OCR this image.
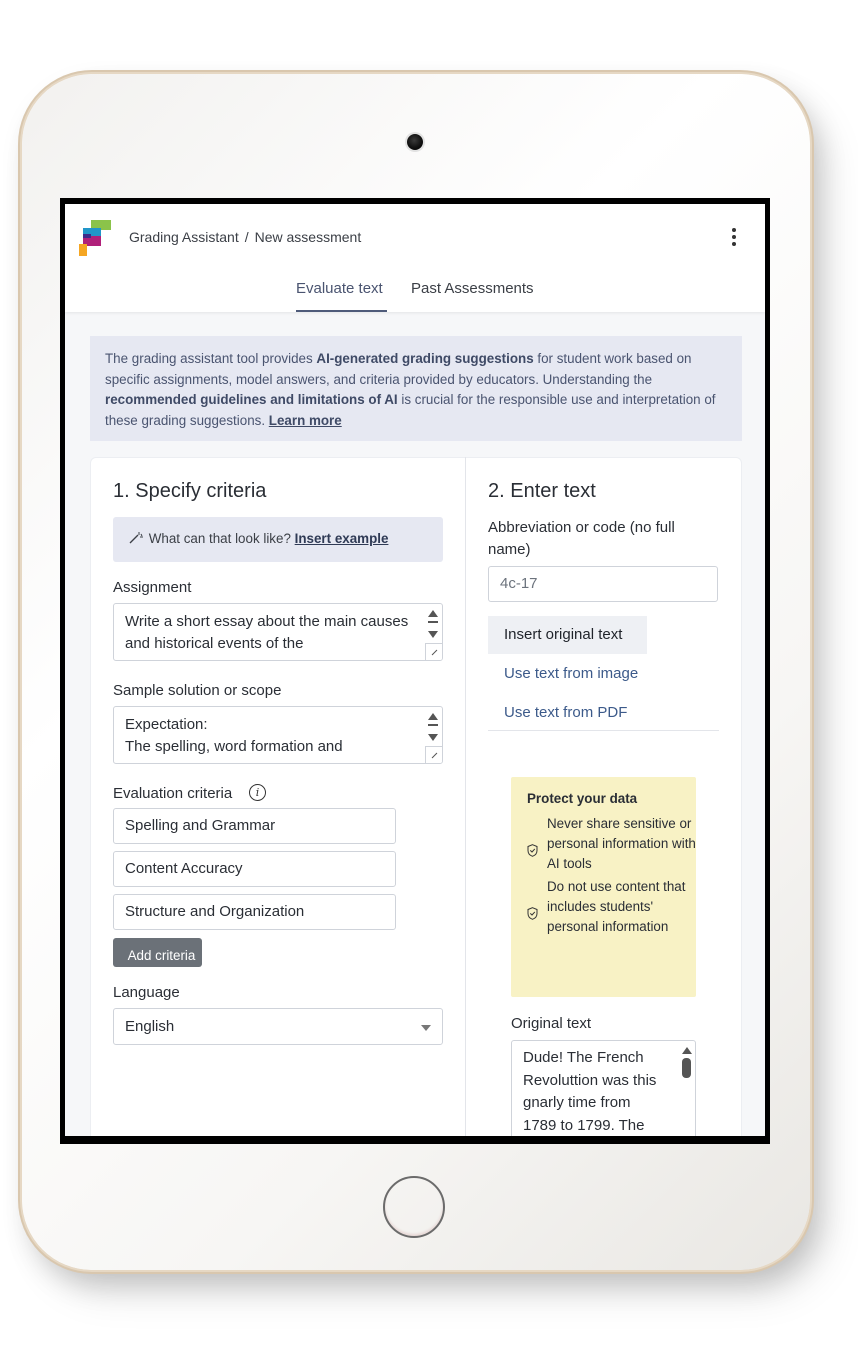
Grading Assistant / New assessment
Evaluate text Past Assessments
The grading assistant tool provides AI-generated grading suggestions for student work based on specific assignments, model answers, and criteria provided by educators. Understanding the recommended guidelines and limitations of AI is crucial for the responsible use and interpretation of these grading suggestions. Learn more
1. Specify criteria
What can that look like? Insert example
Assignment
Write a short essay about the main causes and historical events of the
Sample solution or scope
Expectation:
The spelling, word formation and
Evaluation criteria	i
Spelling and Grammar
Content Accuracy
Structure and Organization
Add criteria
Language
English
2. Enter text
Abbreviation or code (no full name)
4c-17
Insert original text
Use text from image
Use text from PDF
Protect your data
Never share sensitive or personal information with AI tools
Do not use content that includes students' personal information
Original text
Dude! The French Revoluttion was this gnarly time from 1789 to 1799. The
